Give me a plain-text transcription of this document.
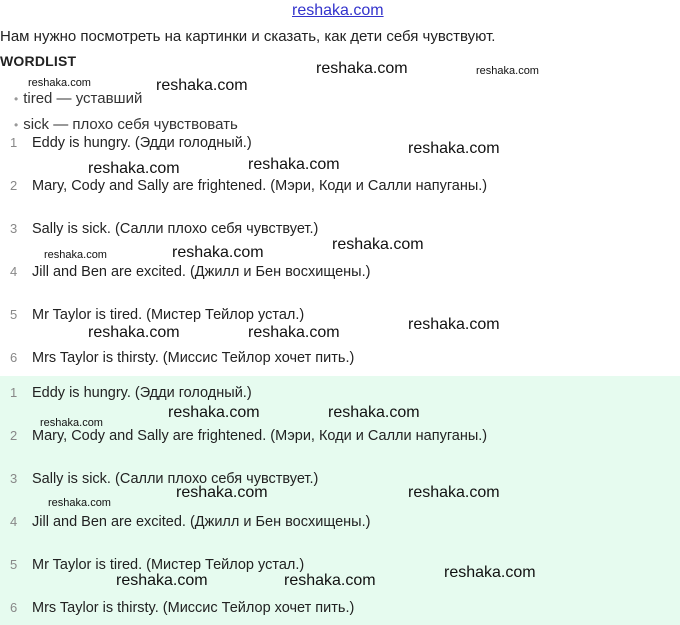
reshaka.com
Нам нужно посмотреть на картинки и сказать, как дети себя чувствуют.
WORDLIST
• tired — уставший
• sick — плохо себя чувствовать
1 Eddy is hungry. (Эдди голодный.)
2 Mary, Cody and Sally are frightened. (Мэри, Коди и Салли напуганы.)
3 Sally is sick. (Салли плохо себя чувствует.)
4 Jill and Ben are excited. (Джилл и Бен восхищены.)
5 Mr Taylor is tired. (Мистер Тейлор устал.)
6 Mrs Taylor is thirsty. (Миссис Тейлор хочет пить.)
1 Eddy is hungry. (Эдди голодный.)
2 Mary, Cody and Sally are frightened. (Мэри, Коди и Салли напуганы.)
3 Sally is sick. (Салли плохо себя чувствует.)
4 Jill and Ben are excited. (Джилл и Бен восхищены.)
5 Mr Taylor is tired. (Мистер Тейлор устал.)
6 Mrs Taylor is thirsty. (Миссис Тейлор хочет пить.)
reshaka.com	reshaka.com
reshaka.com	reshaka.com
reshaka.com
reshaka.com
reshaka.com
reshaka.com
reshaka.com
reshaka.com
reshaka.com
reshaka.com	reshaka.com
reshaka.com	reshaka.com
reshaka.com
reshaka.com	reshaka.com
reshaka.com
reshaka.com
reshaka.com	reshaka.com
